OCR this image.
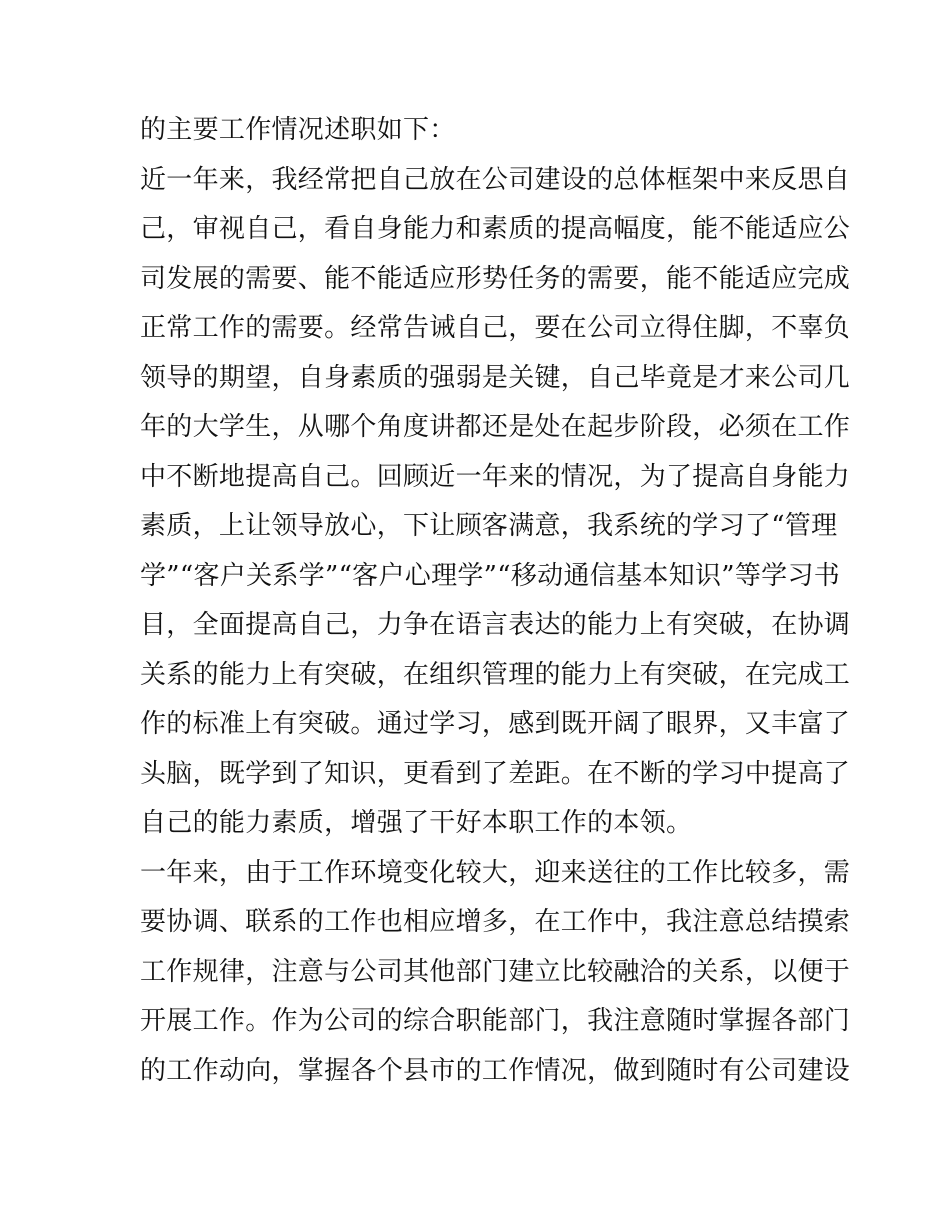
的主要工作情况述职如下：
近一年来，我经常把自己放在公司建设的总体框架中来反思自
己，审视自己，看自身能力和素质的提高幅度，能不能适应公
司发展的需要、能不能适应形势任务的需要，能不能适应完成
正常工作的需要。经常告诫自己，要在公司立得住脚，不辜负
领导的期望，自身素质的强弱是关键，自己毕竟是才来公司几
年的大学生，从哪个角度讲都还是处在起步阶段，必须在工作
中不断地提高自己。回顾近一年来的情况，为了提高自身能力
素质，上让领导放心，下让顾客满意，我系统的学习了“管理
学”“客户关系学”“客户心理学”“移动通信基本知识”等学习书
目，全面提高自己，力争在语言表达的能力上有突破，在协调
关系的能力上有突破，在组织管理的能力上有突破，在完成工
作的标准上有突破。通过学习，感到既开阔了眼界，又丰富了
头脑，既学到了知识，更看到了差距。在不断的学习中提高了
自己的能力素质，增强了干好本职工作的本领。
一年来，由于工作环境变化较大，迎来送往的工作比较多，需
要协调、联系的工作也相应增多，在工作中，我注意总结摸索
工作规律，注意与公司其他部门建立比较融洽的关系，以便于
开展工作。作为公司的综合职能部门，我注意随时掌握各部门
的工作动向，掌握各个县市的工作情况，做到随时有公司建设
